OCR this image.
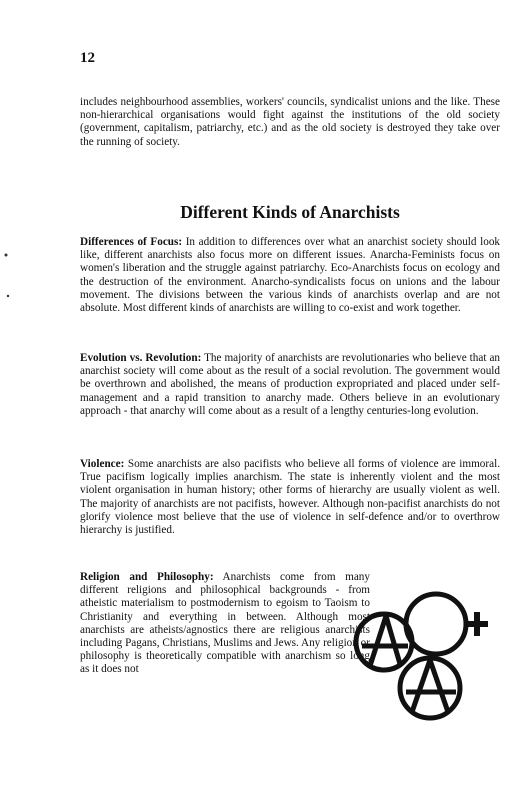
12

includes neighbourhood assemblies, workers' councils, syndicalist unions and the like. These non-hierarchical organisations would fight against the institutions of the old society (government, capitalism, patriarchy, etc.) and as the old society is destroyed they take over the running of society.

Different Kinds of Anarchists

Differences of Focus: In addition to differences over what an anarchist society should look like, different anarchists also focus more on different issues. Anarcha-Feminists focus on women's liberation and the struggle against patriarchy. Eco-Anarchists focus on ecology and the destruction of the environment. Anarcho-syndicalists focus on unions and the labour movement. The divisions between the various kinds of anarchists overlap and are not absolute. Most different kinds of anarchists are willing to co-exist and work together.

Evolution vs. Revolution: The majority of anarchists are revolutionaries who believe that an anarchist society will come about as the result of a social revolution. The government would be overthrown and abolished, the means of production expropriated and placed under self-management and a rapid transition to anarchy made. Others believe in an evolutionary approach - that anarchy will come about as a result of a lengthy centuries-long evolution.

Violence: Some anarchists are also pacifists who believe all forms of violence are immoral. True pacifism logically implies anarchism. The state is inherently violent and the most violent organisation in human history; other forms of hierarchy are usually violent as well. The majority of anarchists are not pacifists, however. Although non-pacifist anarchists do not glorify violence most believe that the use of violence in self-defence and/or to overthrow hierarchy is justified.

Religion and Philosophy: Anarchists come from many different religions and philosophical backgrounds - from atheistic materialism to postmodernism to egoism to Taoism to Christianity and everything in between. Although most anarchists are atheists/agnostics there are religious anarchists including Pagans, Christians, Muslims and Jews. Any religion or philosophy is theoretically compatible with anarchism so long as it does not
